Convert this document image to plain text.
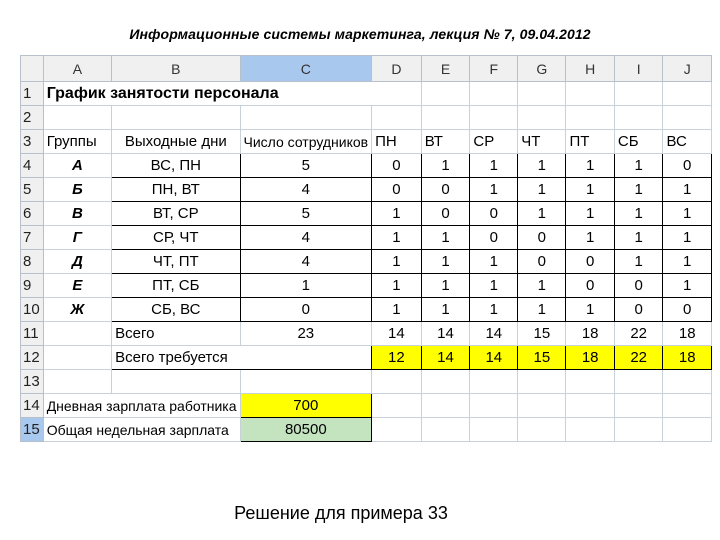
Информационные системы маркетинга, лекция № 7, 09.04.2012
	A	B	C	D	E	F	G	H	I	J
1	График занятости персонала									
2										
3	Группы	Выходные дни	Число сотрудников	ПН	ВТ	СР	ЧТ	ПТ	СБ	ВС
4	А	ВС, ПН	5	0	1	1	1	1	1	0
5	Б	ПН, ВТ	4	0	0	1	1	1	1	1
6	В	ВТ, СР	5	1	0	0	1	1	1	1
7	Г	СР, ЧТ	4	1	1	0	0	1	1	1
8	Д	ЧТ, ПТ	4	1	1	1	0	0	1	1
9	Е	ПТ, СБ	1	1	1	1	1	0	0	1
10	Ж	СБ, ВС	0	1	1	1	1	1	0	0
11		Всего	23	14	14	14	15	18	22	18
12		Всего требуется		12	14	14	15	18	22	18
13										
14	Дневная зарплата работника		700							
15	Общая недельная зарплата		80500							
Решение для примера 33
